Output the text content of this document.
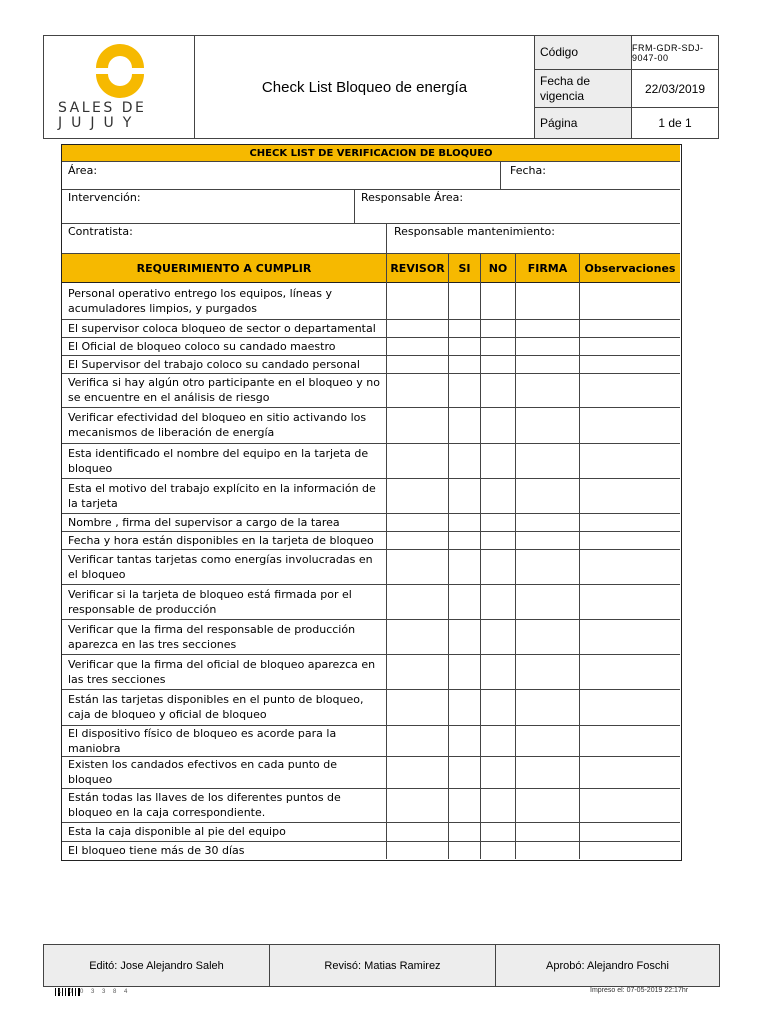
SALES DE
JUJUY
Check List Bloqueo de energía
Código	FRM-GDR-SDJ-9047-00
Fecha de vigencia	22/03/2019
Página	1 de 1
CHECK LIST DE VERIFICACION DE BLOQUEO
Área:	Fecha:
Intervención:	Responsable Área:
Contratista:	Responsable mantenimiento:
REQUERIMIENTO A CUMPLIR	REVISOR	SI	NO	FIRMA	Observaciones
Personal operativo entrego los equipos, líneas y acumuladores limpios, y purgados
El supervisor coloca bloqueo de sector o departamental
El Oficial de bloqueo coloco su candado maestro
El Supervisor del trabajo coloco su candado personal
Verifica si hay algún otro participante en el bloqueo y no se encuentre en el análisis de riesgo
Verificar efectividad del bloqueo en sitio activando los mecanismos de liberación de energía
Esta identificado el nombre del equipo en la tarjeta de bloqueo
Esta el motivo del trabajo explícito en la información de la tarjeta
Nombre , firma del supervisor a cargo de la tarea
Fecha y hora están disponibles en la tarjeta de bloqueo
Verificar tantas tarjetas como energías involucradas en el bloqueo
Verificar si la tarjeta de bloqueo está firmada por el responsable de producción
Verificar que la firma del responsable de producción aparezca en las tres secciones
Verificar que la firma del oficial de bloqueo aparezca en las tres secciones
Están las tarjetas disponibles en el punto de bloqueo, caja de bloqueo y oficial de bloqueo
El dispositivo físico de bloqueo es acorde para la maniobra
Existen los candados efectivos en cada punto de bloqueo
Están todas las llaves de los diferentes puntos de bloqueo en la caja correspondiente.
Esta la caja disponible al pie del equipo
El bloqueo tiene más de 30 días
Editó: Jose Alejandro Saleh	Revisó: Matias Ramirez	Aprobó: Alejandro Foschi
1 0 0 3 3 8 4	Impreso el: 07-05-2019 22:17hr
